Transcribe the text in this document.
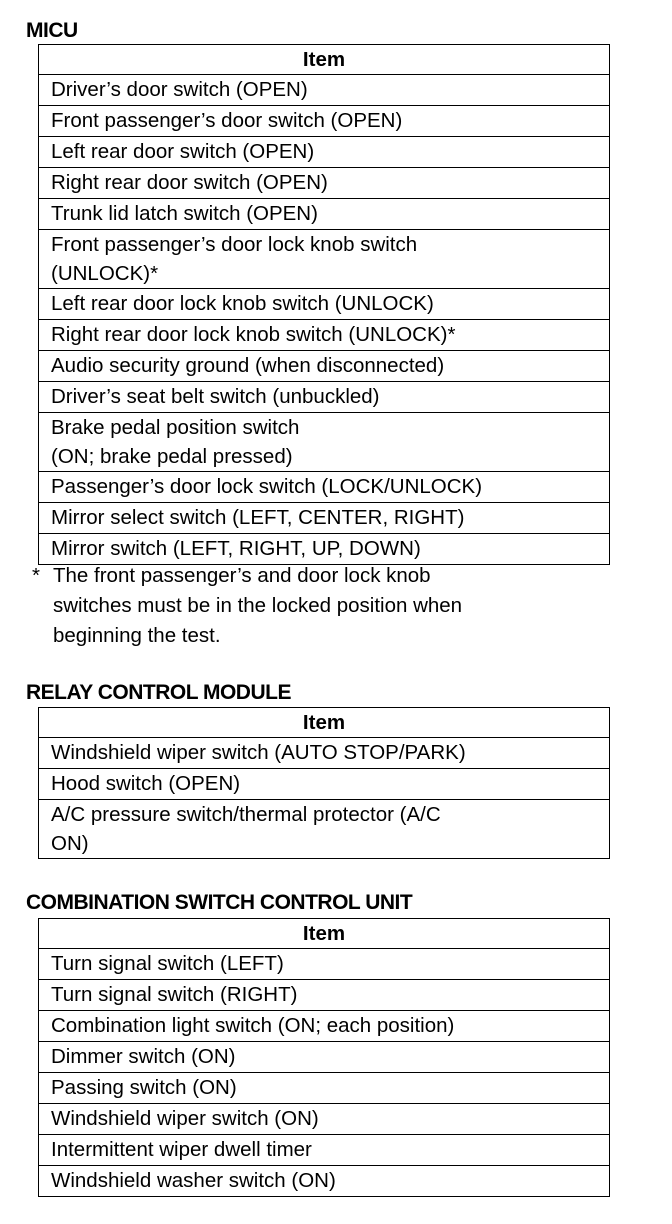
MICU
Item

Driver’s door switch (OPEN)

Front passenger’s door switch (OPEN)

Left rear door switch (OPEN)

Right rear door switch (OPEN)

Trunk lid latch switch (OPEN)

Front passenger’s door lock knob switch
(UNLOCK)*

Left rear door lock knob switch (UNLOCK)

Right rear door lock knob switch (UNLOCK)*

Audio security ground (when disconnected)

Driver’s seat belt switch (unbuckled)

Brake pedal position switch
(ON; brake pedal pressed)

Passenger’s door lock switch (LOCK/UNLOCK)

Mirror select switch (LEFT, CENTER, RIGHT)

Mirror switch (LEFT, RIGHT, UP, DOWN)
* The front passenger’s and door lock knob
switches must be in the locked position when
beginning the test.
RELAY CONTROL MODULE
Item

Windshield wiper switch (AUTO STOP/PARK)

Hood switch (OPEN)

A/C pressure switch/thermal protector (A/C
ON)
COMBINATION SWITCH CONTROL UNIT
Item

Turn signal switch (LEFT)

Turn signal switch (RIGHT)

Combination light switch (ON; each position)

Dimmer switch (ON)

Passing switch (ON)

Windshield wiper switch (ON)

Intermittent wiper dwell timer

Windshield washer switch (ON)
